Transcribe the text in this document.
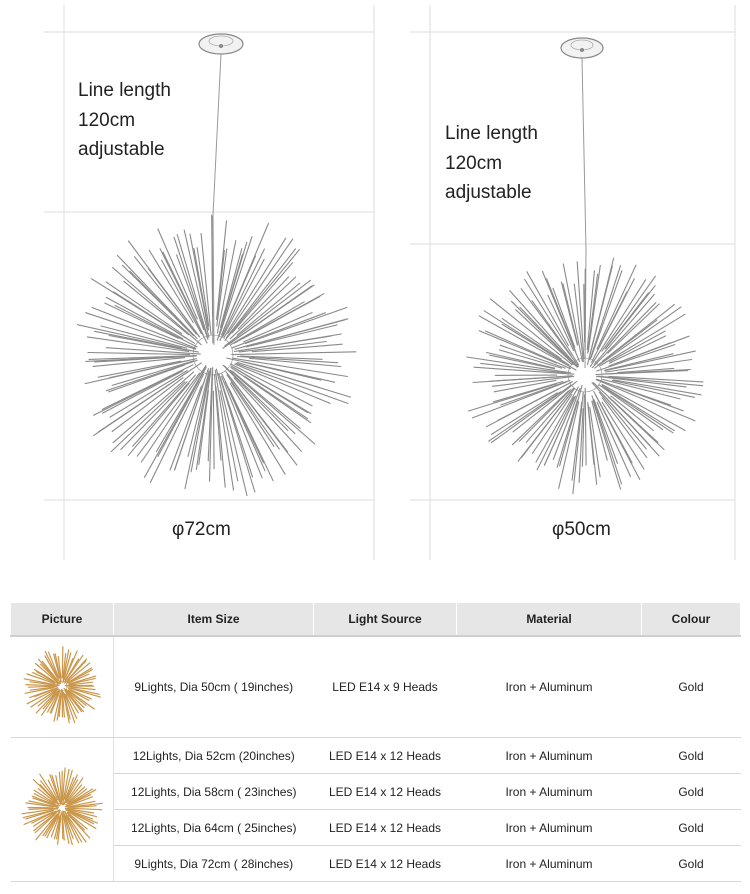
Line length
120cm
adjustable
φ72cm
Line length
120cm
adjustable
φ50cm
Picture	Item Size	Light Source	Material	Colour
	9Lights, Dia 50cm ( 19inches)	LED E14 x 9 Heads	Iron + Aluminum	Gold
	12Lights, Dia 52cm (20inches)	LED E14 x 12 Heads	Iron + Aluminum	Gold
	12Lights, Dia 58cm ( 23inches)	LED E14 x 12 Heads	Iron + Aluminum	Gold
	12Lights, Dia 64cm ( 25inches)	LED E14 x 12 Heads	Iron + Aluminum	Gold
	9Lights, Dia 72cm ( 28inches)	LED E14 x 12 Heads	Iron + Aluminum	Gold
